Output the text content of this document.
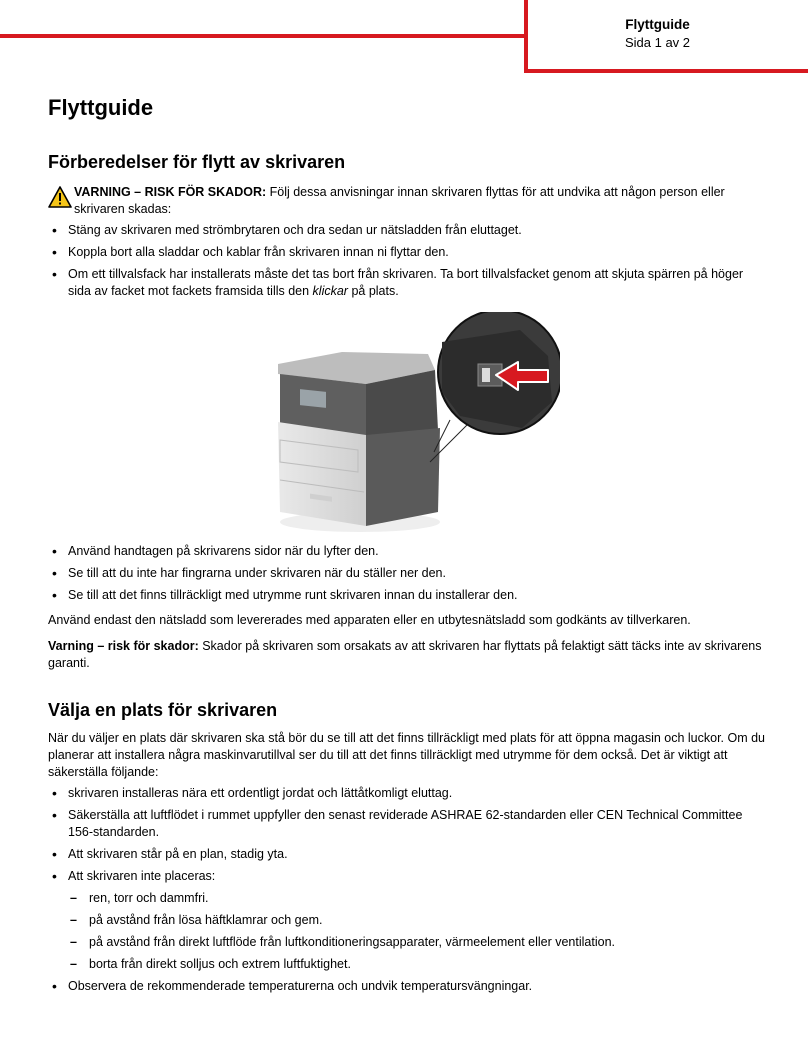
Flyttguide
Sida 1 av 2
Flyttguide
Förberedelser för flytt av skrivaren
VARNING – RISK FÖR SKADOR: Följ dessa anvisningar innan skrivaren flyttas för att undvika att någon person eller skrivaren skadas:
• Stäng av skrivaren med strömbrytaren och dra sedan ur nätsladden från eluttaget.
• Koppla bort alla sladdar och kablar från skrivaren innan ni flyttar den.
• Om ett tillvalsfack har installerats måste det tas bort från skrivaren. Ta bort tillvalsfacket genom att skjuta spärren på höger sida av facket mot fackets framsida tills den klickar på plats.
• Använd handtagen på skrivarens sidor när du lyfter den.
• Se till att du inte har fingrarna under skrivaren när du ställer ner den.
• Se till att det finns tillräckligt med utrymme runt skrivaren innan du installerar den.

Använd endast den nätsladd som levererades med apparaten eller en utbytesnätsladd som godkänts av tillverkaren.

Varning – risk för skador: Skador på skrivaren som orsakats av att skrivaren har flyttats på felaktigt sätt täcks inte av skrivarens garanti.

Välja en plats för skrivaren

När du väljer en plats där skrivaren ska stå bör du se till att det finns tillräckligt med plats för att öppna magasin och luckor. Om du planerar att installera några maskinvarutillval ser du till att det finns tillräckligt med utrymme för dem också. Det är viktigt att säkerställa följande:

• skrivaren installeras nära ett ordentligt jordat och lättåtkomligt eluttag.
• Säkerställa att luftflödet i rummet uppfyller den senast reviderade ASHRAE 62-standarden eller CEN Technical Committee 156-standarden.
• Att skrivaren står på en plan, stadig yta.
• Att skrivaren inte placeras:
– ren, torr och dammfri.
– på avstånd från lösa häftklamrar och gem.
– på avstånd från direkt luftflöde från luftkonditioneringsapparater, värmeelement eller ventilation.
– borta från direkt solljus och extrem luftfuktighet.
• Observera de rekommenderade temperaturerna och undvik temperatursvängningar.
